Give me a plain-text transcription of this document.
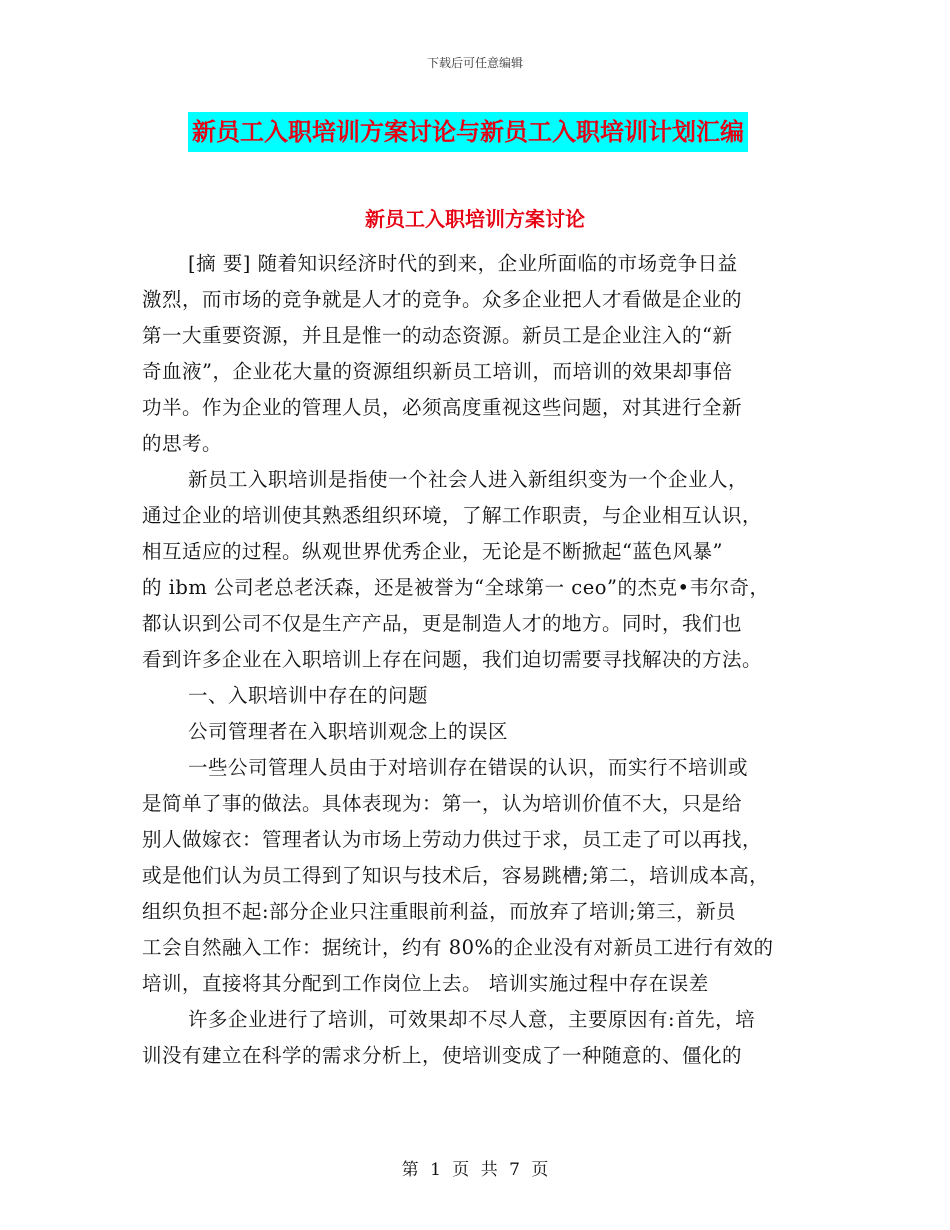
下载后可任意编辑
新员工入职培训方案讨论与新员工入职培训计划汇编
新员工入职培训方案讨论
[摘 要] 随着知识经济时代的到来，企业所面临的市场竞争日益
激烈，而市场的竞争就是人才的竞争。众多企业把人才看做是企业的
第一大重要资源，并且是惟一的动态资源。新员工是企业注入的“新
奇血液”，企业花大量的资源组织新员工培训，而培训的效果却事倍
功半。作为企业的管理人员，必须高度重视这些问题，对其进行全新
的思考。
新员工入职培训是指使一个社会人进入新组织变为一个企业人，
通过企业的培训使其熟悉组织环境，了解工作职责，与企业相互认识，
相互适应的过程。纵观世界优秀企业，无论是不断掀起“蓝色风暴”
的 ibm 公司老总老沃森，还是被誉为“全球第一 ceo”的杰克•韦尔奇，
都认识到公司不仅是生产产品，更是制造人才的地方。同时，我们也
看到许多企业在入职培训上存在问题，我们迫切需要寻找解决的方法。
一、入职培训中存在的问题
公司管理者在入职培训观念上的误区
一些公司管理人员由于对培训存在错误的认识，而实行不培训或
是简单了事的做法。具体表现为：第一，认为培训价值不大，只是给
别人做嫁衣：管理者认为市场上劳动力供过于求，员工走了可以再找，
或是他们认为员工得到了知识与技术后，容易跳槽;第二，培训成本高，
组织负担不起:部分企业只注重眼前利益，而放弃了培训;第三，新员
工会自然融入工作：据统计，约有 80%的企业没有对新员工进行有效的
培训，直接将其分配到工作岗位上去。 培训实施过程中存在误差
许多企业进行了培训，可效果却不尽人意，主要原因有:首先，培
训没有建立在科学的需求分析上，使培训变成了一种随意的、僵化的
第 1 页 共 7 页
